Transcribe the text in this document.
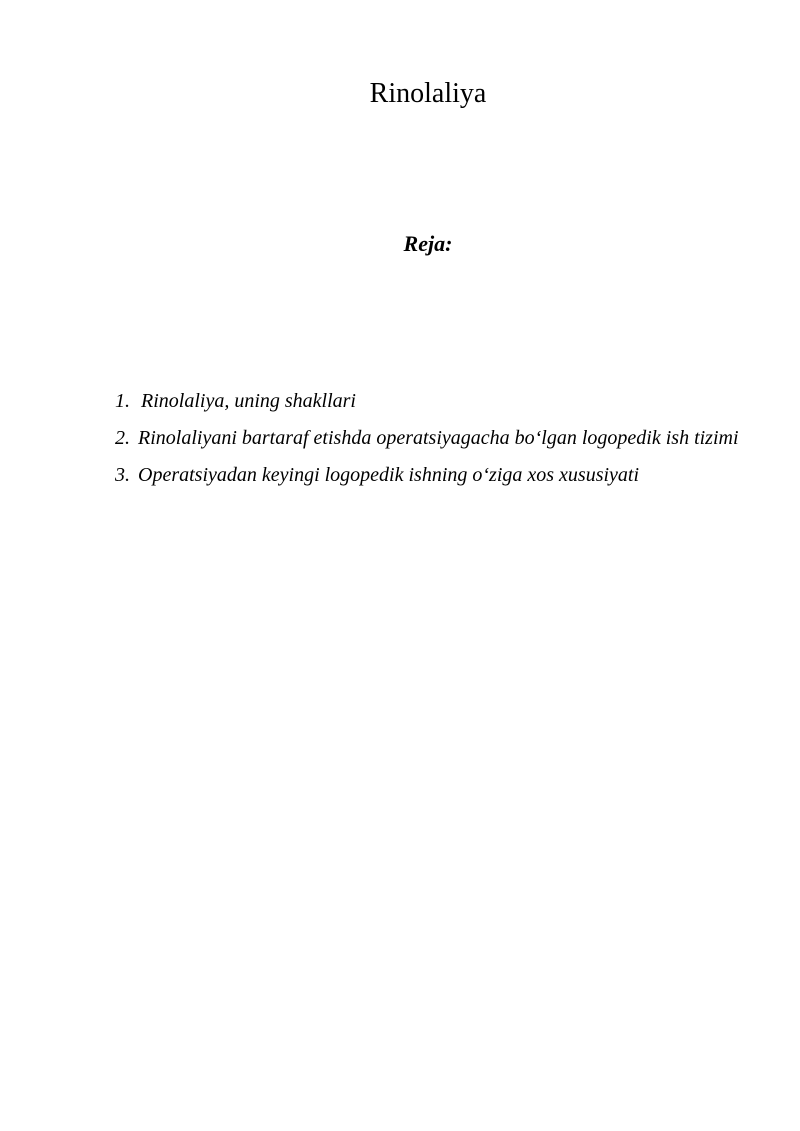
Rinolaliya
Reja:
1. Rinolaliya, uning shakllari
2. Rinolaliyani bartaraf etishda operatsiyagacha bo‘lgan logopedik ish tizimi
3. Operatsiyadan keyingi logopedik ishning o‘ziga xos xususiyati
